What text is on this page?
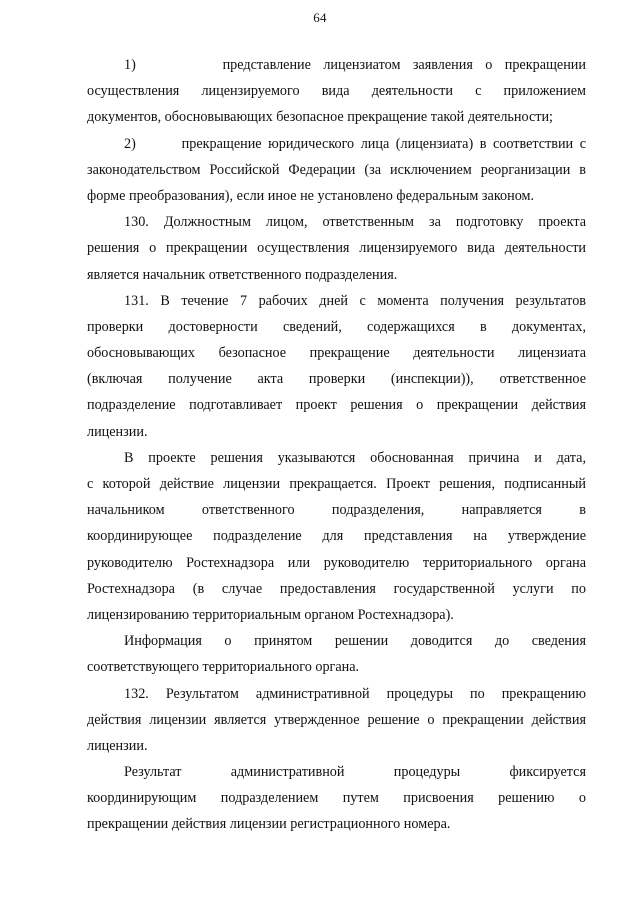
64

1)       представление лицензиатом заявления о прекращении
осуществления лицензируемого вида деятельности с приложением
документов, обосновывающих безопасное прекращение такой деятельности;

2)       прекращение юридического лица (лицензиата) в соответствии с
законодательством Российской Федерации (за исключением реорганизации в
форме преобразования), если иное не установлено федеральным законом.

130. Должностным лицом, ответственным за подготовку проекта
решения о прекращении осуществления лицензируемого вида деятельности
является начальник ответственного подразделения.

131. В течение 7 рабочих дней с момента получения результатов
проверки достоверности сведений, содержащихся в документах,
обосновывающих безопасное прекращение деятельности лицензиата
(включая получение акта проверки (инспекции)), ответственное
подразделение подготавливает проект решения о прекращении действия
лицензии.

В проекте решения указываются обоснованная причина и дата,
с которой действие лицензии прекращается. Проект решения, подписанный
начальником ответственного подразделения, направляется в
координирующее подразделение для представления на утверждение
руководителю Ростехнадзора или руководителю территориального органа
Ростехнадзора (в случае предоставления государственной услуги по
лицензированию территориальным органом Ростехнадзора).

Информация о принятом решении доводится до сведения
соответствующего территориального органа.

132. Результатом административной процедуры по прекращению
действия лицензии является утвержденное решение о прекращении действия
лицензии.

Результат административной процедуры фиксируется
координирующим подразделением путем присвоения решению о
прекращении действия лицензии регистрационного номера.
